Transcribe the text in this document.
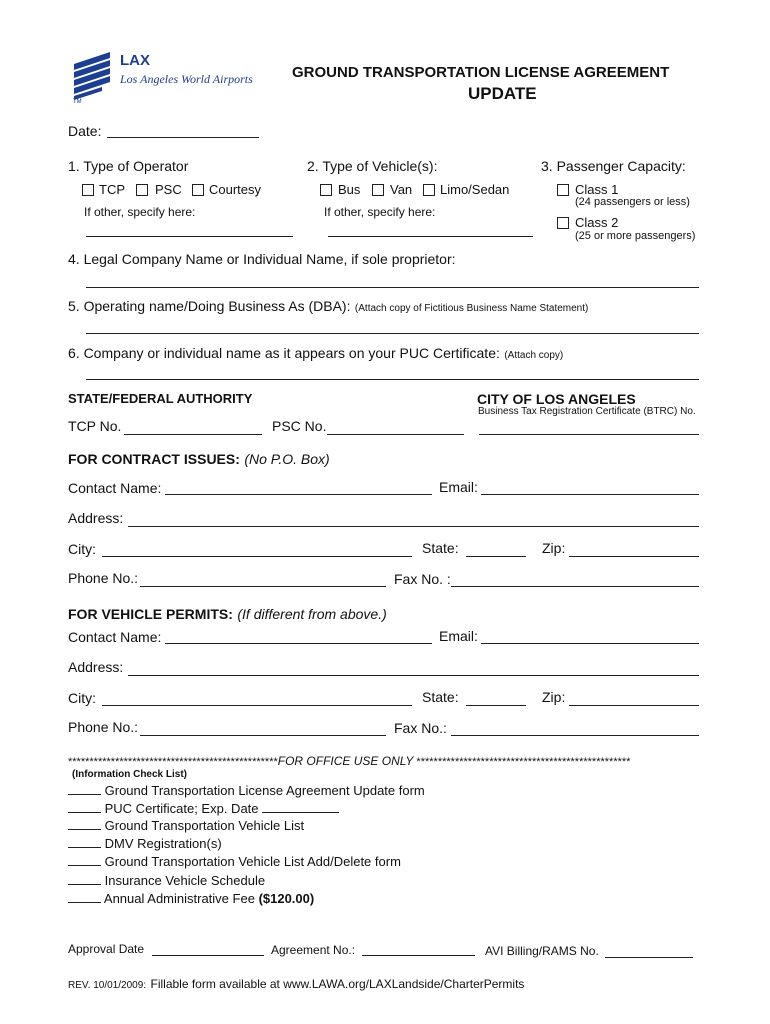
LAX
Los Angeles World Airports
TM
GROUND TRANSPORTATION LICENSE AGREEMENT
UPDATE
Date:
1. Type of Operator
TCP PSC Courtesy
If other, specify here:
2. Type of Vehicle(s):
Bus Van Limo/Sedan
If other, specify here:
3. Passenger Capacity:
Class 1
(24 passengers or less)
Class 2
(25 or more passengers)
4. Legal Company Name or Individual Name, if sole proprietor:
5. Operating name/Doing Business As (DBA): (Attach copy of Fictitious Business Name Statement)
6. Company or individual name as it appears on your PUC Certificate: (Attach copy)
STATE/FEDERAL AUTHORITY
TCP No.	PSC No.
CITY OF LOS ANGELES
Business Tax Registration Certificate (BTRC) No.
FOR CONTRACT ISSUES: (No P.O. Box)
Contact Name:	Email:
Address:
City:	State:	Zip:
Phone No.:	Fax No. :
FOR VEHICLE PERMITS: (If different from above.)
Contact Name:	Email:
Address:
City:	State:	Zip:
Phone No.:	Fax No.:
*************************************************FOR OFFICE USE ONLY **************************************************
(Information Check List)
Ground Transportation License Agreement Update form
PUC Certificate; Exp. Date
Ground Transportation Vehicle List
DMV Registration(s)
Ground Transportation Vehicle List Add/Delete form
Insurance Vehicle Schedule
Annual Administrative Fee ($120.00)
Approval Date	Agreement No.:	AVI Billing/RAMS No.
REV. 10/01/2009: Fillable form available at www.LAWA.org/LAXLandside/CharterPermits
